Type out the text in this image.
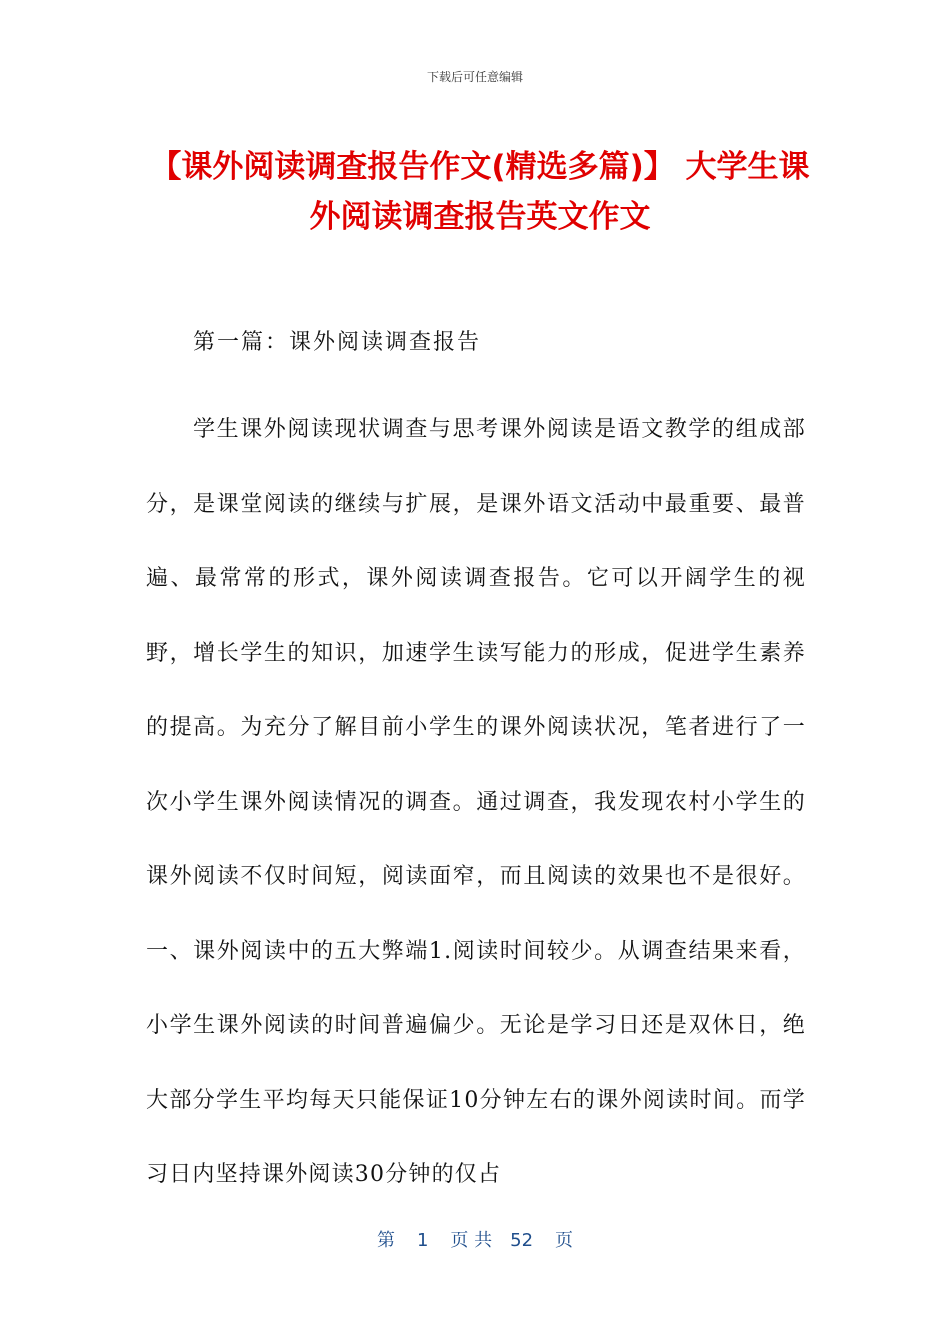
下载后可任意编辑
【课外阅读调查报告作文(精选多篇)】 大学生课外阅读调查报告英文作文

第一篇：课外阅读调查报告

学生课外阅读现状调查与思考课外阅读是语文教学的组成部分，是课堂阅读的继续与扩展，是课外语文活动中最重要、最普遍、最常常的形式，课外阅读调查报告。它可以开阔学生的视野，增长学生的知识，加速学生读写能力的形成，促进学生素养的提高。为充分了解目前小学生的课外阅读状况，笔者进行了一次小学生课外阅读情况的调查。通过调查，我发现农村小学生的课外阅读不仅时间短，阅读面窄，而且阅读的效果也不是很好。一、课外阅读中的五大弊端1.阅读时间较少。从调查结果来看，小学生课外阅读的时间普遍偏少。无论是学习日还是双休日，绝大部分学生平均每天只能保证10分钟左右的课外阅读时间。而学习日内坚持课外阅读30分钟的仅占

第 1 页 共 52 页
